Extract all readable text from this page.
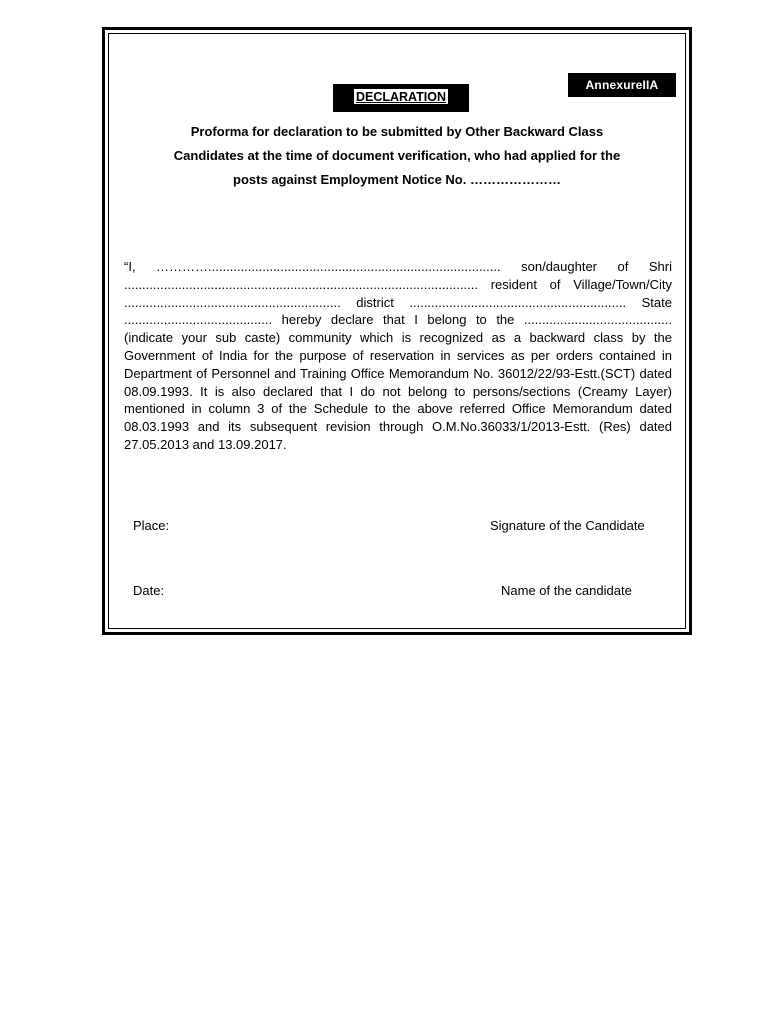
AnnexureIIA
DECLARATION
Proforma for declaration to be submitted by Other Backward Class
Candidates at the time of document verification, who had applied for the
posts against Employment Notice No. …………………
“I, …………................................................................................. son/daughter of Shri
.................................................................................................. resident of Village/Town/City
............................................................ district ............................................................ State
......................................... hereby declare that I belong to the .........................................
(indicate your sub caste) community which is recognized as a backward class by the
Government of India for the purpose of reservation in services as per orders contained in
Department of Personnel and Training Office Memorandum No. 36012/22/93-Estt.(SCT) dated
08.09.1993. It is also declared that I do not belong to persons/sections (Creamy Layer)
mentioned in column 3 of the Schedule to the above referred Office Memorandum dated
08.03.1993 and its subsequent revision through O.M.No.36033/1/2013-Estt. (Res) dated
27.05.2013 and 13.09.2017.
Place:	Signature of the Candidate
Date:	Name of the candidate
